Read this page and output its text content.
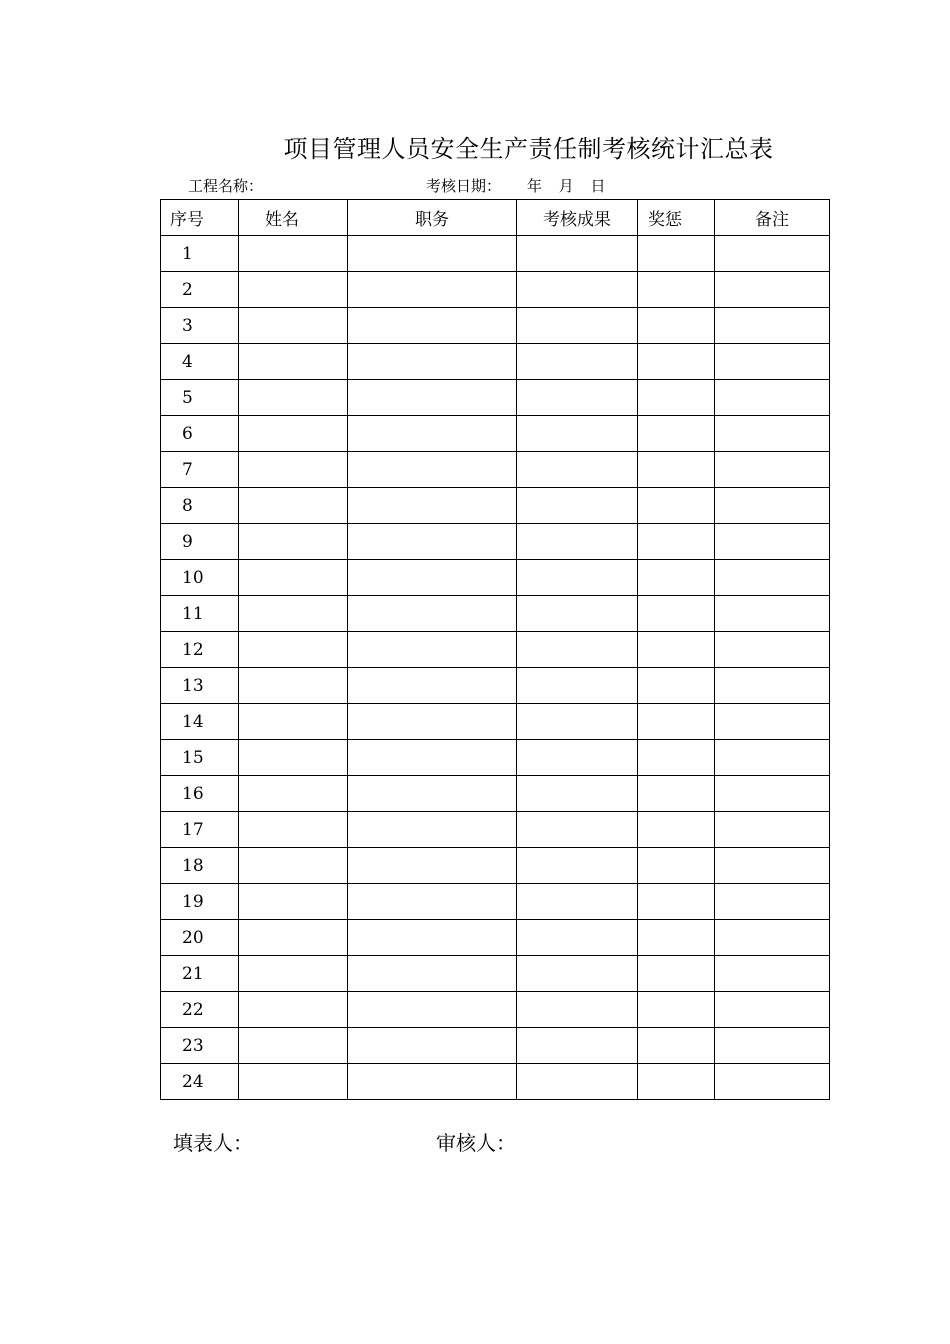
项目管理人员安全生产责任制考核统计汇总表
工程名称：	考核日期： 年 月 日
序号	姓名	职务	考核成果	奖惩	备注
1					
2					
3					
4					
5					
6					
7					
8					
9					
10					
11					
12					
13					
14					
15					
16					
17					
18					
19					
20					
21					
22					
23					
24					
填表人：	审核人：
